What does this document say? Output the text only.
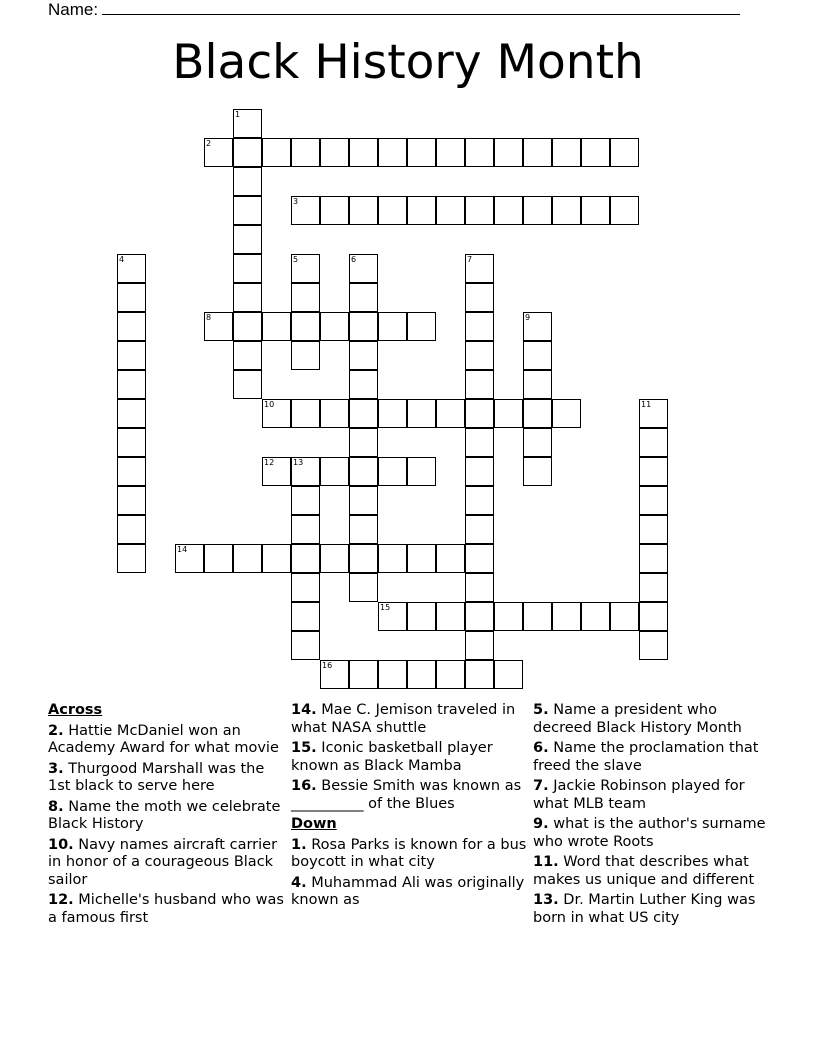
Name:
Black History Month
1
2
3
4	5	6	7
8	9
10	11
12 13
14
15
16
Across
2. Hattie McDaniel won an Academy Award for what movie
3. Thurgood Marshall was the 1st black to serve here
8. Name the moth we celebrate Black History
10. Navy names aircraft carrier in honor of a courageous Black sailor
12. Michelle's husband who was a famous first
14. Mae C. Jemison traveled in what NASA shuttle
15. Iconic basketball player known as Black Mamba
16. Bessie Smith was known as __________ of the Blues
Down
1. Rosa Parks is known for a bus boycott in what city
4. Muhammad Ali was originally known as
5. Name a president who decreed Black History Month
6. Name the proclamation that freed the slave
7. Jackie Robinson played for what MLB team
9. what is the author's surname who wrote Roots
11. Word that describes what makes us unique and different
13. Dr. Martin Luther King was born in what US city
